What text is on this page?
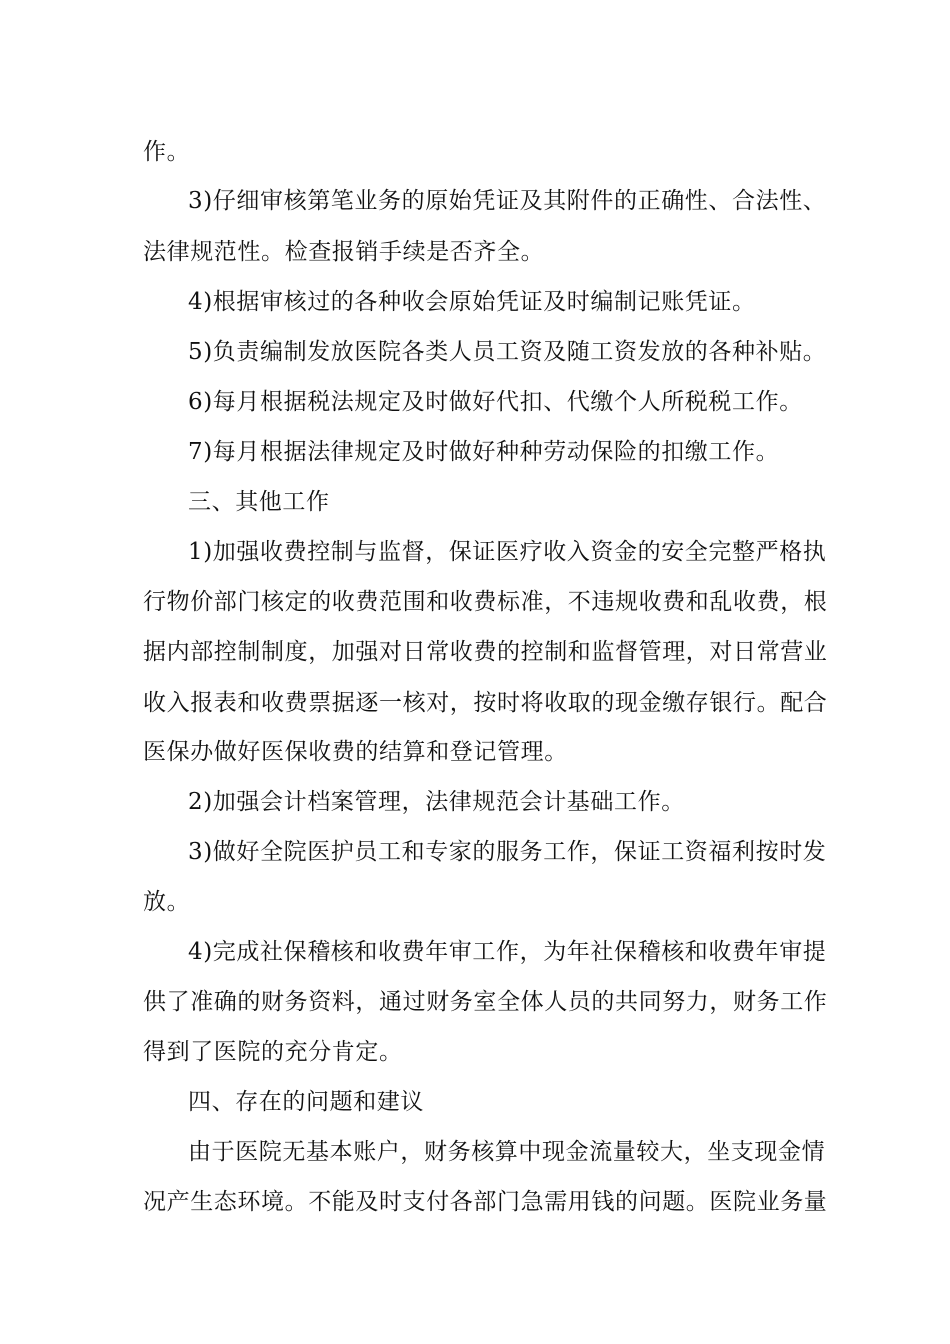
作。
3)仔细审核第笔业务的原始凭证及其附件的正确性、合法性、
法律规范性。检查报销手续是否齐全。
4)根据审核过的各种收会原始凭证及时编制记账凭证。
5)负责编制发放医院各类人员工资及随工资发放的各种补贴。
6)每月根据税法规定及时做好代扣、代缴个人所税税工作。
7)每月根据法律规定及时做好种种劳动保险的扣缴工作。
三、其他工作
1)加强收费控制与监督，保证医疗收入资金的安全完整严格执
行物价部门核定的收费范围和收费标准，不违规收费和乱收费，根
据内部控制制度，加强对日常收费的控制和监督管理，对日常营业
收入报表和收费票据逐一核对，按时将收取的现金缴存银行。配合
医保办做好医保收费的结算和登记管理。
2)加强会计档案管理，法律规范会计基础工作。
3)做好全院医护员工和专家的服务工作，保证工资福利按时发
放。
4)完成社保稽核和收费年审工作，为年社保稽核和收费年审提
供了准确的财务资料，通过财务室全体人员的共同努力，财务工作
得到了医院的充分肯定。
四、存在的问题和建议
由于医院无基本账户，财务核算中现金流量较大，坐支现金情
况产生态环境。不能及时支付各部门急需用钱的问题。医院业务量
